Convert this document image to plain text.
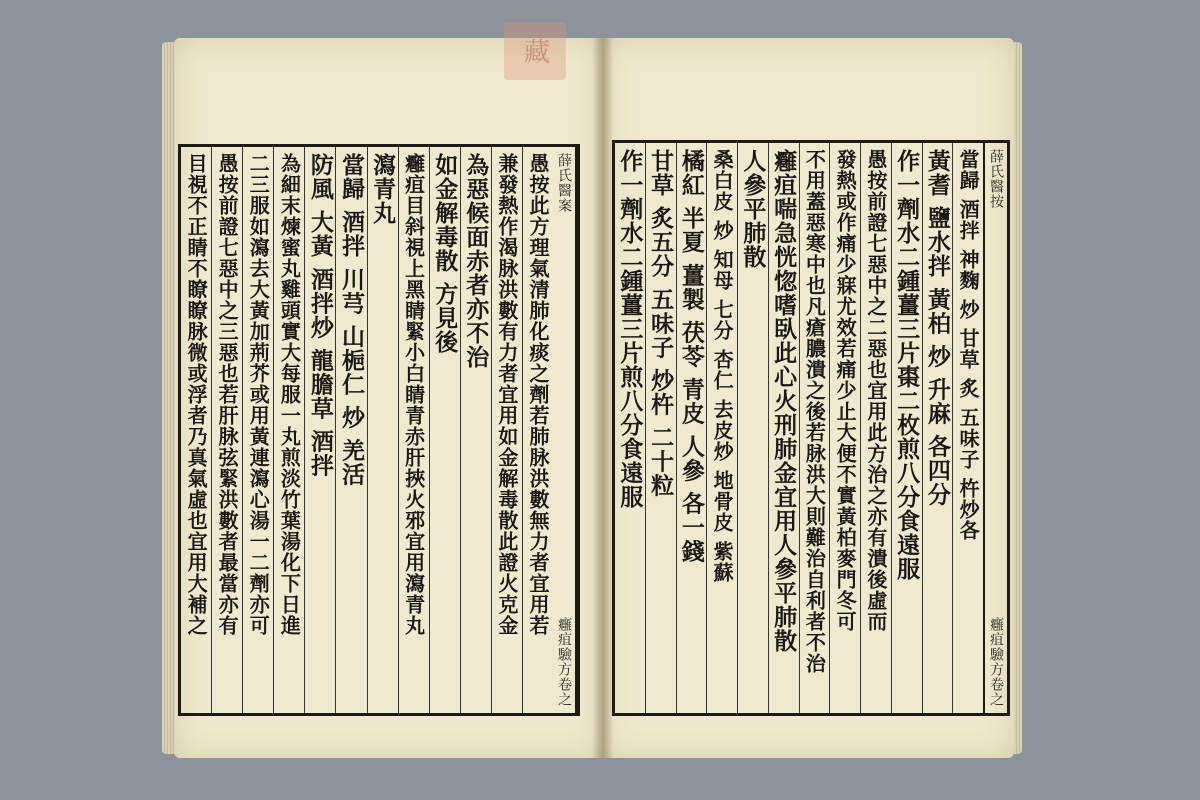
藏
薛氏醫案
癰疽驗方卷之
愚按此方理氣清肺化痰之劑若肺脉洪數無力者宜用若
兼發熱作渴脉洪數有力者宜用如金解毒散此證火克金
為惡候面赤者亦不治
如金解毒散 方見後
癰疽目斜視上黑睛緊小白睛青赤肝挾火邪宜用瀉青丸
瀉青丸
當歸 酒拌 川芎 山梔仁 炒 羌活
防風 大黃 酒拌炒 龍膽草 酒拌
為細末煉蜜丸雞頭實大每服一丸煎淡竹葉湯化下日進
二三服如瀉去大黃加荊芥或用黃連瀉心湯一二劑亦可
愚按前證七惡中之三惡也若肝脉弦緊洪數者最當亦有
目視不正睛不瞭瞭脉微或浮者乃真氣虛也宜用大補之	薛氏醫按
癰疽驗方卷之
當歸 酒拌 神麴 炒 甘草 炙 五味子 杵炒各
黃耆 鹽水拌 黃柏 炒 升麻 各四分
作一劑水二鍾薑三片棗二枚煎八分食遠服
愚按前證七惡中之二惡也宜用此方治之亦有潰後虛而
發熱或作痛少寐尤效若痛少止大便不實黃柏麥門冬可
不用蓋惡寒中也凡瘡膿潰之後若脉洪大則難治自利者不治
癰疽喘急恍惚嗜臥此心火刑肺金宜用人參平肺散
人參平肺散
桑白皮 炒 知母 七分 杏仁 去皮炒 地骨皮 紫蘇
橘紅 半夏 薑製 茯苓 青皮 人參 各一錢
甘草 炙五分 五味子 炒杵 二十粒
作一劑水二鍾薑三片煎八分食遠服
